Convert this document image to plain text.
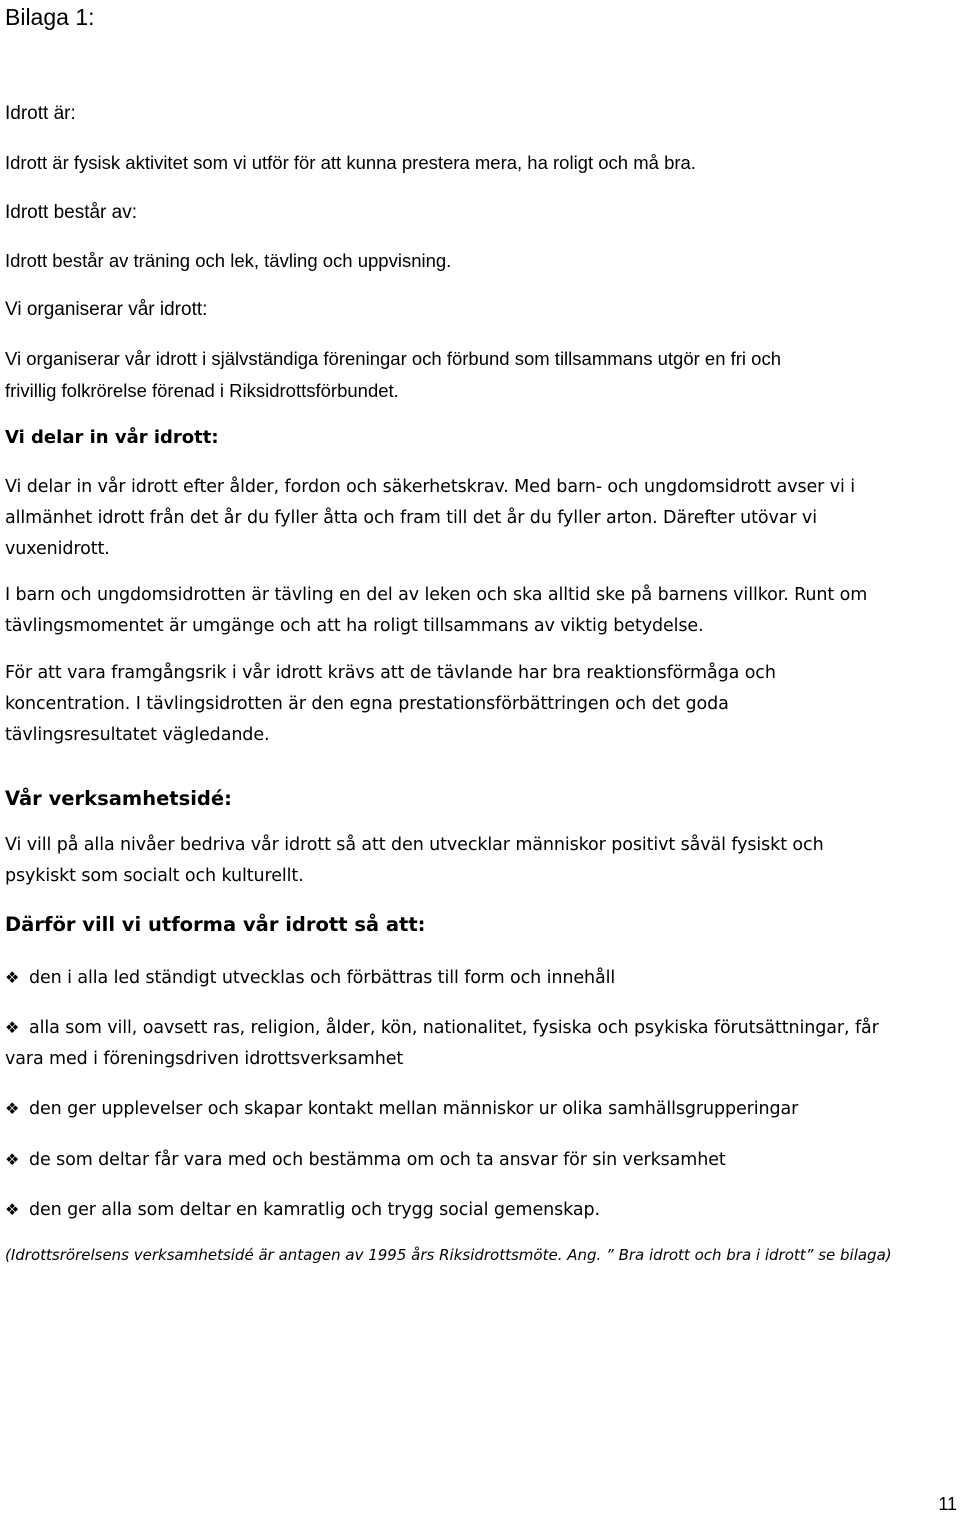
Bilaga 1:
Idrott är:

Idrott är fysisk aktivitet som vi utför för att kunna prestera mera, ha roligt och må bra.

Idrott består av:

Idrott består av träning och lek, tävling och uppvisning.

Vi organiserar vår idrott:

Vi organiserar vår idrott i självständiga föreningar och förbund som tillsammans utgör en fri och
frivillig folkrörelse förenad i Riksidrottsförbundet.

Vi delar in vår idrott:

Vi delar in vår idrott efter ålder, fordon och säkerhetskrav. Med barn- och ungdomsidrott avser vi i
allmänhet idrott från det år du fyller åtta och fram till det år du fyller arton. Därefter utövar vi
vuxenidrott.

I barn och ungdomsidrotten är tävling en del av leken och ska alltid ske på barnens villkor. Runt om
tävlingsmomentet är umgänge och att ha roligt tillsammans av viktig betydelse.

För att vara framgångsrik i vår idrott krävs att de tävlande har bra reaktionsförmåga och
koncentration. I tävlingsidrotten är den egna prestationsförbättringen och det goda
tävlingsresultatet vägledande.

Vår verksamhetsidé:

Vi vill på alla nivåer bedriva vår idrott så att den utvecklar människor positivt såväl fysiskt och
psykiskt som socialt och kulturellt.

Därför vill vi utforma vår idrott så att:
❖ den i alla led ständigt utvecklas och förbättras till form och innehåll
❖ alla som vill, oavsett ras, religion, ålder, kön, nationalitet, fysiska och psykiska förutsättningar, får
vara med i föreningsdriven idrottsverksamhet
❖ den ger upplevelser och skapar kontakt mellan människor ur olika samhällsgrupperingar
❖ de som deltar får vara med och bestämma om och ta ansvar för sin verksamhet
❖ den ger alla som deltar en kamratlig och trygg social gemenskap.

(Idrottsrörelsens verksamhetsidé är antagen av 1995 års Riksidrottsmöte. Ang. ” Bra idrott och bra i idrott” se bilaga)

11
